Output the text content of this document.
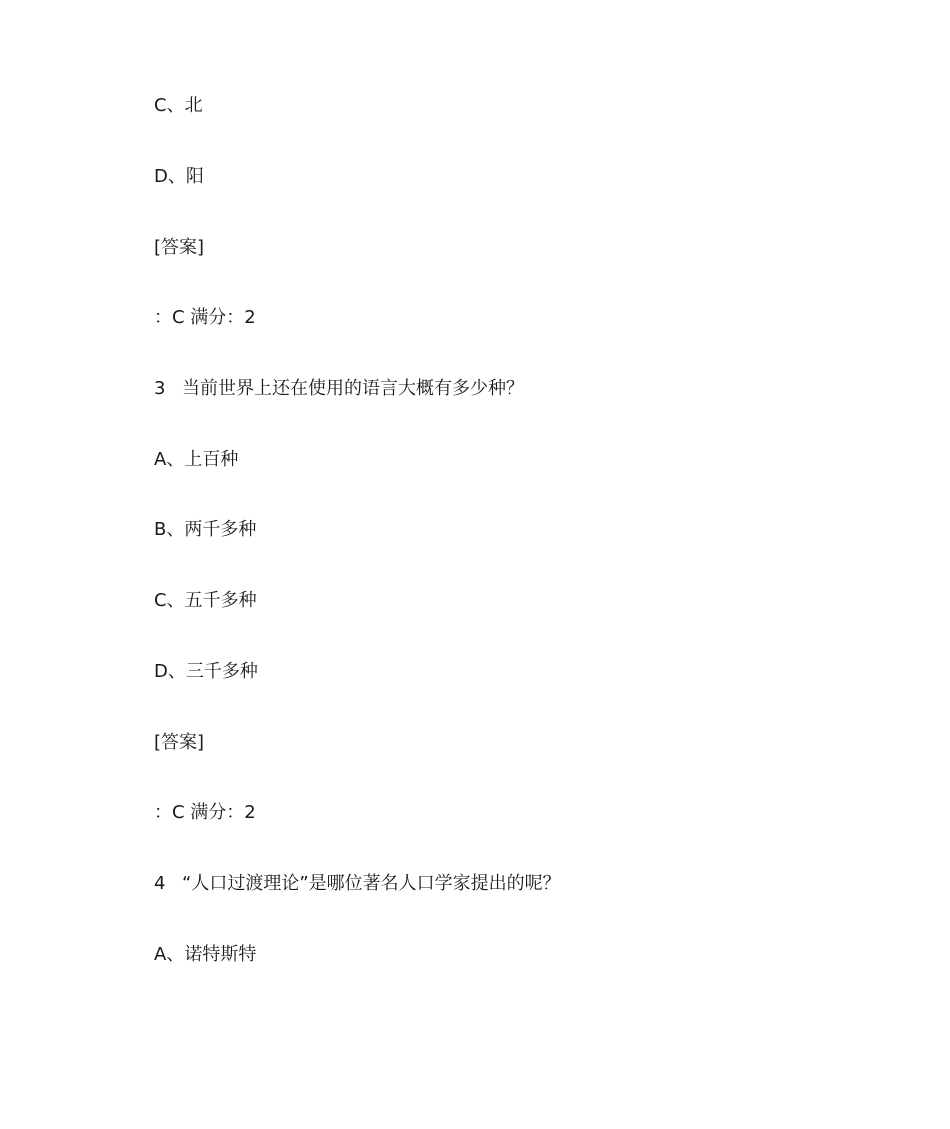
C、北
D、阳
[答案]
：C 满分：2
3 当前世界上还在使用的语言大概有多少种？
A、上百种
B、两千多种
C、五千多种
D、三千多种
[答案]
：C 满分：2
4 “人口过渡理论”是哪位著名人口学家提出的呢？
A、诺特斯特
